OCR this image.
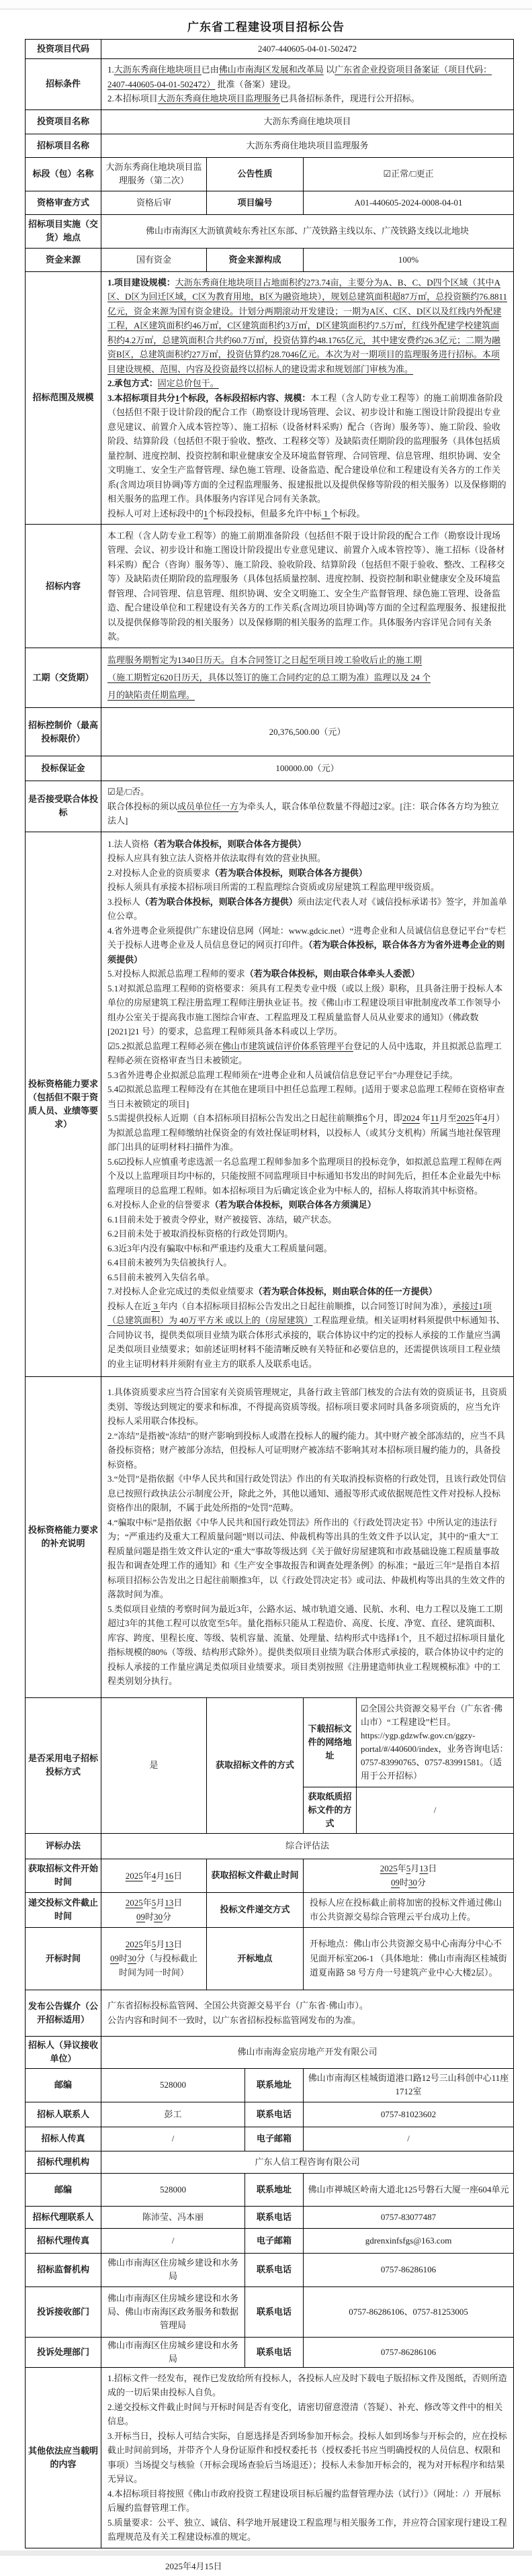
广东省工程建设项目招标公告
投资项目代码	2407-440605-04-01-502472				
招标条件	1.大沥东秀商住地块项目已由佛山市南海区发展和改革局 以广东省企业投资项目备案证（项目代码：2407-440605-04-01-502472） 批准（备案）建设。
2.本招标项目大沥东秀商住地块项目监理服务已具备招标条件，现进行公开招标。				

投资项目名称	大沥东秀商住地块项目				
招标项目名称	大沥东秀商住地块项目监理服务				
标段（包）名称	大沥东秀商住地块项目监理服务（第二次）	公告性质		☑正常/□更正	
资格审查方式	资格后审	项目编号		A01-440605-2024-0008-04-01	
招标项目实施（交货）地点	佛山市南海区大沥镇黄岐东秀社区东部、广茂铁路主线以东、广茂铁路支线以北地块				
资金来源	国有资金	资金来源构成		100%	
招标范围及规模	1.项目建设规模：大沥东秀商住地块项目占地面积约273.74亩，主要分为A、B、C、D四个区域（其中A区、D区为回迁区域，C区为教育用地，B区为融资地块），规划总建筑面积超87万㎡，总投资额约76.8811亿元，资金来源为国有资金建设。计划分两期滚动开发建设；一期为A区、C区、D区以及红线内外配建工程，A区建筑面积约46万㎡，C区建筑面积约3万㎡，D区建筑面积约7.5万㎡，红线外配建学校建筑面积约4.2万㎡，总建筑面积合共约60.7万㎡，投资估算约48.1765亿元，其中建安费约26.3亿元；二期为融资B区，总建筑面积约27万㎡，投资估算约28.7046亿元。本次为对一期项目的监理服务进行招标。本项目建设规模、范围、内容及投资最终以招标人的建设需求和规划部门审核为准。
2.承包方式：固定总价包干。
3.本招标项目共分1个标段，各标段招标内容、规模：本工程（含人防专业工程等）的施工前期准备阶段（包括但不限于设计阶段的配合工作（勘察设计现场管理、会议、初步设计和施工图设计阶段提出专业意见建议、前置介入成本管控等）、施工招标（设备材料采购）配合（咨询）服务等）、施工阶段、验收阶段、结算阶段（包括但不限于验收、整改、工程移交等）及缺陷责任期阶段的监理服务（具体包括质量控制、进度控制、投资控制和职业健康安全及环境监督管理、合同管理、信息管理、组织协调、安全文明施工、安全生产监督管理、绿色施工管理、设备监造、配合建设单位和工程建设有关各方的工作关系(含周边项目协调)等方面的全过程监理服务、报建报批以及提供保修等阶段的相关服务）以及保修期的相关服务的监理工作。具体服务内容详见合同有关条款。
投标人可对上述标段中的1个标段投标，但最多允许中标 1 个标段。				

招标内容	本工程（含人防专业工程等）的施工前期准备阶段（包括但不限于设计阶段的配合工作（勘察设计现场管理、会议、初步设计和施工图设计阶段提出专业意见建议、前置介入成本管控等）、施工招标（设备材料采购）配合（咨询）服务等）、施工阶段、验收阶段、结算阶段（包括但不限于验收、整改、工程移交等）及缺陷责任期阶段的监理服务（具体包括质量控制、进度控制、投资控制和职业健康安全及环境监督管理、合同管理、信息管理、组织协调、安全文明施工、安全生产监督管理、绿色施工管理、设备监造、配合建设单位和工程建设有关各方的工作关系(含周边项目协调)等方面的全过程监理服务、报建报批以及提供保修等阶段的相关服务）以及保修期的相关服务的监理工作。具体服务内容详见合同有关条款。				

工期（交货期）	监理服务期暂定为1340日历天。自本合同签订之日起至项目竣工验收后止的施工期
（施工期暂定620日历天，具体以签订的施工合同约定的总工期为准）监理以及 24 个
月的缺陷责任期监理。				

招标控制价（最高投标限价）	20,376,500.00（元）				
投标保证金	100000.00（元）				
是否接受联合体投标	☑是/□否。
联合体投标的须以成员单位任一方为牵头人，联合体单位数量不得超过2家。[注：联合体各方均为独立法人]				

投标资格能力要求（包括但不限于资质人员、业绩等要求）	
1.法人资格（若为联合体投标，则联合体各方提供）
投标人应具有独立法人资格并依法取得有效的营业执照。
2.对投标人企业的资质要求（若为联合体投标，则联合体各方提供）
投标人须具有承接本招标项目所需的工程监理综合资质或房屋建筑工程监理甲级资质。
3.投标人（若为联合体投标，则联合体各方提供）须由法定代表人对《诚信投标承诺书》签字，并加盖单位公章。
4.省外进粤企业须提供广东建设信息网（网址：www.gdcic.net）“进粤企业和人员诚信信息登记平台”专栏关于投标人进粤企业及人员信息登记的网页打印件。（若为联合体投标，联合体各方为省外进粤企业的则须提供）
5.对投标人拟派总监理工程师的要求（若为联合体投标，则由联合体牵头人委派）
5.1对拟派总监理工程师的资格要求：须具有工程类专业中级（或以上级）职称，且具备注册于投标人本单位的房屋建筑工程注册监理工程师注册执业证书。按《佛山市工程建设项目审批制度改革工作领导小组办公室关于提高我市施工图综合审查、工程监理及工程质量监督人员从业要求的通知》（佛政数[2021]21 号）的要求，总监理工程师须具备本科或以上学历。
☑5.2拟派总监理工程师必须在佛山市建筑诚信评价体系管理平台登记的人员中选取，并且拟派总监理工程师必须在资格审查当日未被锁定。
5.3省外进粤企业拟派总监理工程师须在“进粤企业和人员诚信信息登记平台”办理登记手续。
5.4☑拟派总监理工程师没有在其他在建项目中担任总监理工程师。[适用于要求总监理工程师在资格审查当日未被锁定的项目]
5.5需提供投标人近期（自本招标项目招标公告发出之日起往前顺推6个月，即2024 年11月至2025年4月）为拟派总监理工程师缴纳社保资金的有效社保证明材料，以投标人（或其分支机构）所属当地社保管理部门出具的证明材料扫描件为准。
5.6☑投标人应慎重考虑选派一名总监理工程师参加多个监理项目的投标竞争，如拟派总监理工程师在两个及以上监理项目均中标的，只能按照不同监理项目中标通知书发出的时间先后，担任本企业最先中标监理项目的总监理工程师。如本招标项目为后确定该企业为中标人的，招标人将取消其中标资格。
6.对投标人企业的信誉要求（若为联合体投标，则联合体各方须满足）
6.1目前未处于被责令停业，财产被接管、冻结，破产状态。
6.2目前未处于被取消投标资格的行政处罚期内。
6.3近3年内没有骗取中标和严重违约及重大工程质量问题。
6.4目前未被列为失信被执行人。
6.5目前未被列入失信名单。
7.对投标人企业完成过的类似业绩要求（若为联合体投标，则由联合体的任一方提供）
投标人在近 3 年内（自本招标项目招标公告发出之日起往前顺推，以合同签订时间为准），承接过1项（总建筑面积）为 40万平方米 或以上的（房屋建筑）工程监理业绩。相关证明材料须提供中标通知书、合同协议书，提供类似项目业绩为联合体形式承接的，联合体协议中约定的投标人承接的工作量应当满足类似项目业绩要求；如前述证明材料不能清晰反映有关特征和必要信息的，还需提供该项目工程业绩的业主证明材料并须附有业主方的联系人及联系电话。

投标资格能力要求的补充说明	1.具体资质要求应当符合国家有关资质管理规定，具备行政主管部门核发的合法有效的资质证书，且资质类别、等级达到规定的要求和标准，不得提高资质等级。招标项目要求同时具备多项资质的，应当允许投标人采用联合体投标。
2.“冻结”是指被“冻结”的财产影响到投标人或潜在投标人的履约能力。其中财产被全部冻结的，应当不具备投标资格；财产被部分冻结，但投标人可证明财产被冻结不影响其对本招标项目履约能力的，具备投标资格。
3.“处罚”是指依据《中华人民共和国行政处罚法》作出的有关取消投标资格的行政处罚，且该行政处罚信息已按照行政执法公示制度公开，除此之外，其他以通知、通报等形式或依据规范性文件对投标人投标资格作出的限制，不属于此处所指的“处罚”范畴。
4.“骗取中标”是指依据《中华人民共和国行政处罚法》所作出的《行政处罚决定书》中所认定的违法行为；“严重违约及重大工程质量问题”则以司法、仲裁机构等出具的生效文件予以认定，其中的“重大”工程质量问题是指生效文件认定的“重大”事故等级达到《关于做好房屋建筑和市政基础设施工程质量事故报告和调查处理工作的通知》和《生产安全事故报告和调查处理条例》的标准；“最近三年”是指自本招标项目招标公告发出之日起往前顺推3年，以《行政处罚决定书》或司法、仲裁机构等出具的生效文件的落款时间为准。
5.类似项目业绩的考察时间为最近3年，公路水运、城市轨道交通、民航、水利、电力工程以及施工工期超过3年的其他工程可以放宽至5年。量化指标只能从工程造价、高度、长度、净宽、直径、建筑面积、库容、跨度、里程长度、等级、装机容量、流量、处理量、结构形式中选择1个，且不超过招标项目量化指标规模的80%（等级、结构形式除外）。提供类似项目业绩为联合体形式承接的，联合体协议中约定的投标人承接的工作量应满足类似项目业绩要求。项目类别按照《注册建造师执业工程规模标准》中的工程类别划分执行。				

是否采用电子招标投标方式	是	获取招标文件的方式		下载招标文件的网络地址	☑全国公共资源交易平台（广东省·佛山市）“工程建设”栏目。https://ygp.gdzwfw.gov.cn/ggzy-portal/#/440600/index，业务咨询电话：0757-83990765、0757-83991581。（适用于公开招标）

				获取纸质招标文件的方式	/
评标办法	综合评估法				
获取招标文件开始时间	2025年4月16日	获取招标文件截止时间		2025年5月13日
09时30分	

递交投标文件截止时间	2025年5月13日
09时30分	投标文件递交方式		投标人应在投标截止前将加密的投标文件通过佛山市公共资源交易综合管理云平台成功上传。	
开标时间	2025年5月13日
09时30分（与投标截止
时间为同一时间）	开标地点		开标地点：佛山市公共资源交易中心南海分中心不见面开标室206-1 （具体地址：佛山市南海区桂城街道夏南路 58 号方舟一号建筑产业中心大楼2层）。	
发布公告媒介（公开招标适用）	广东省招标投标监管网、全国公共资源交易平台（广东省·佛山市）。
公告内容和时间不一致时，以广东省招标投标监管网发布的为准。				

招标人（异议接收单位）	佛山市南海金宸房地产开发有限公司				
邮编	528000		联系地址	佛山市南海区桂城街道港口路12号三山科创中心11座1712室	
招标人联系人	彭工		联系电话	0757-81023602	
招标人传真	/		电子邮箱	/	
招标代理机构	广东人信工程咨询有限公司				
邮编	528000		联系地址	佛山市禅城区岭南大道北125号磐石大厦一座604单元	
招标代理联系人	陈沛莹、冯本丽		联系电话	0757-83077487	
招标代理传真	/		电子邮箱	gdrenxinfsfgs@163.com	
招标监督机构	佛山市南海区住房城乡建设和水务局		联系电话	0757-86286106	
投诉接收部门	佛山市南海区住房城乡建设和水务局、佛山市南海区政务服务和数据管理局		联系电话	0757-86286106、0757-81253005	
投诉处理部门	佛山市南海区住房城乡建设和水务局		联系电话	0757-86286106	
其他依法应当载明的内容	1.招标文件一经发布，视作已发放给所有投标人，各投标人应及时下载电子版招标文件及图纸，否则所造成的一切后果由投标人自负。
2.递交投标文件截止时间与开标时间是否有变化，请密切留意澄清（答疑）、补充、修改等文件中的相关信息。
3.开标当日，投标人可结合实际，自愿选择是否到场参加开标会。投标人如到场参与开标会的，应在投标截止时间前到场，并带齐个人身份证原件和授权委托书（授权委托书应当明确授权的人员信息、权限和事项）当场提交与核验（开标会现场查验后当场退还）；投标人未参加开标会的，视为对开标程序和结果无异议。
4.本招标项目将按照《佛山市政府投资工程建设项目标后履约监督管理办法（试行）》（网址：/）开展标后履约监督管理工作。
5.质量要求：公平、独立、诚信、科学地开展建设工程监理与相关服务工作，并应符合国家现行建设工程监理规范及有关工程建设标准的规定。				
2025年4月15日
